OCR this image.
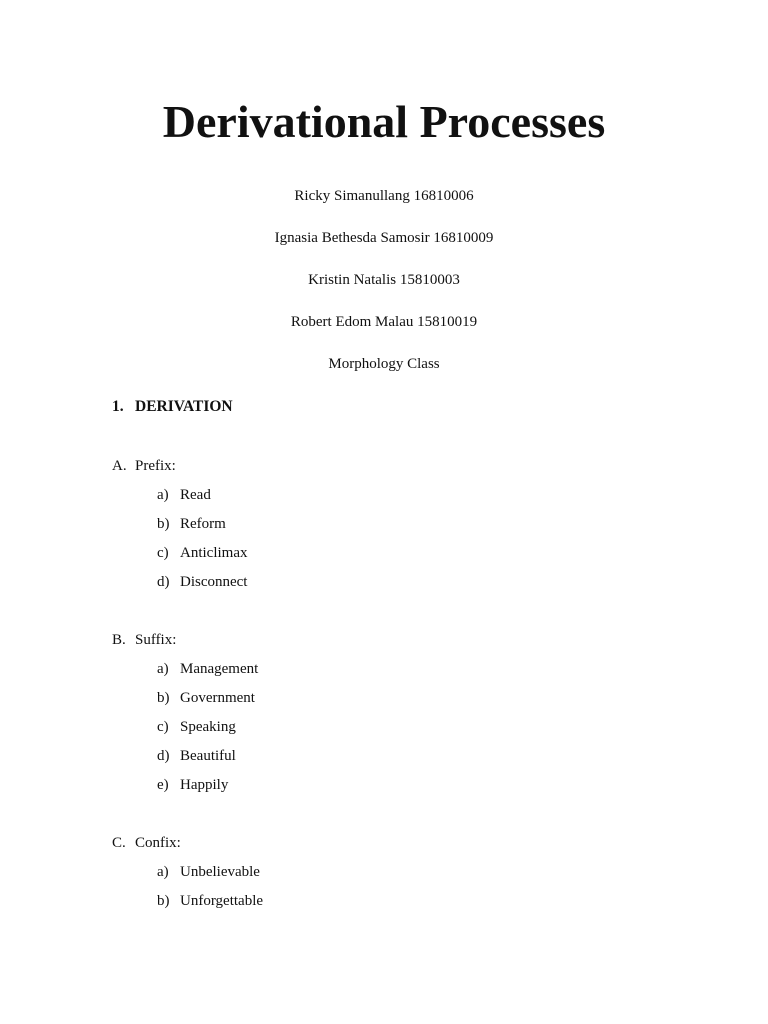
Derivational Processes
Ricky Simanullang 16810006
Ignasia Bethesda Samosir 16810009
Kristin Natalis 15810003
Robert Edom Malau 15810019
Morphology Class
1. DERIVATION
A. Prefix:
a) Read
b) Reform
c) Anticlimax
d) Disconnect
B. Suffix:
a) Management
b) Government
c) Speaking
d) Beautiful
e) Happily
C. Confix:
a) Unbelievable
b) Unforgettable
